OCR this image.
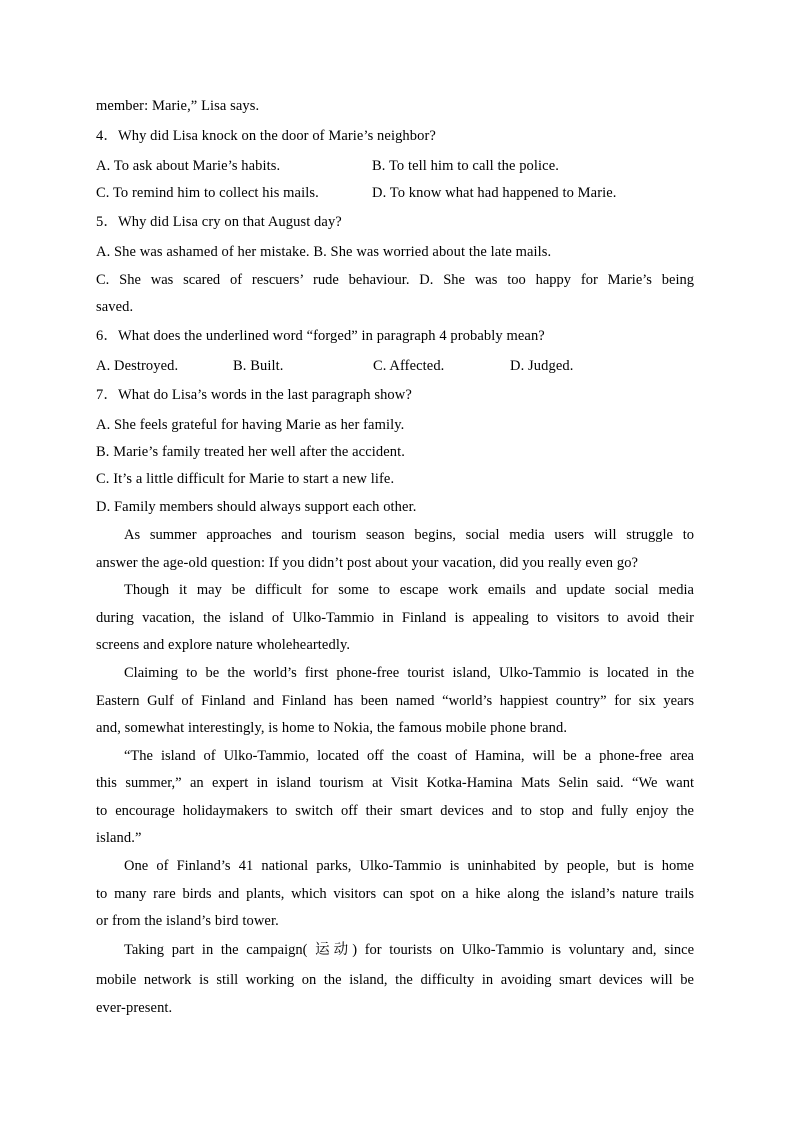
member: Marie,” Lisa says.
4．Why did Lisa knock on the door of Marie’s neighbor?
A. To ask about Marie’s habits.	B. To tell him to call the police.
C. To remind him to collect his mails.	D. To know what had happened to Marie.
5．Why did Lisa cry on that August day?
A. She was ashamed of her mistake. B. She was worried about the late mails.
C. She was scared of rescuers’ rude behaviour. D. She was too happy for Marie’s being
saved.
6．What does the underlined word “forged” in paragraph 4 probably mean?
A. Destroyed.	B. Built.	C. Affected.	D. Judged.
7．What do Lisa’s words in the last paragraph show?
A. She feels grateful for having Marie as her family.
B. Marie’s family treated her well after the accident.
C. It’s a little difficult for Marie to start a new life.
D. Family members should always support each other.
As summer approaches and tourism season begins, social media users will struggle to
answer the age-old question: If you didn’t post about your vacation, did you really even go?
Though it may be difficult for some to escape work emails and update social media
during vacation, the island of Ulko-Tammio in Finland is appealing to visitors to avoid their
screens and explore nature wholeheartedly.
Claiming to be the world’s first phone-free tourist island, Ulko-Tammio is located in the
Eastern Gulf of Finland and Finland has been named “world’s happiest country” for six years
and, somewhat interestingly, is home to Nokia, the famous mobile phone brand.
“The island of Ulko-Tammio, located off the coast of Hamina, will be a phone-free area
this summer,” an expert in island tourism at Visit Kotka-Hamina Mats Selin said. “We want
to encourage holidaymakers to switch off their smart devices and to stop and fully enjoy the
island.”
One of Finland’s 41 national parks, Ulko-Tammio is uninhabited by people, but is home
to many rare birds and plants, which visitors can spot on a hike along the island’s nature trails
or from the island’s bird tower.
Taking part in the campaign( 运动) for tourists on Ulko-Tammio is voluntary and, since
mobile network is still working on the island, the difficulty in avoiding smart devices will be
ever-present.
